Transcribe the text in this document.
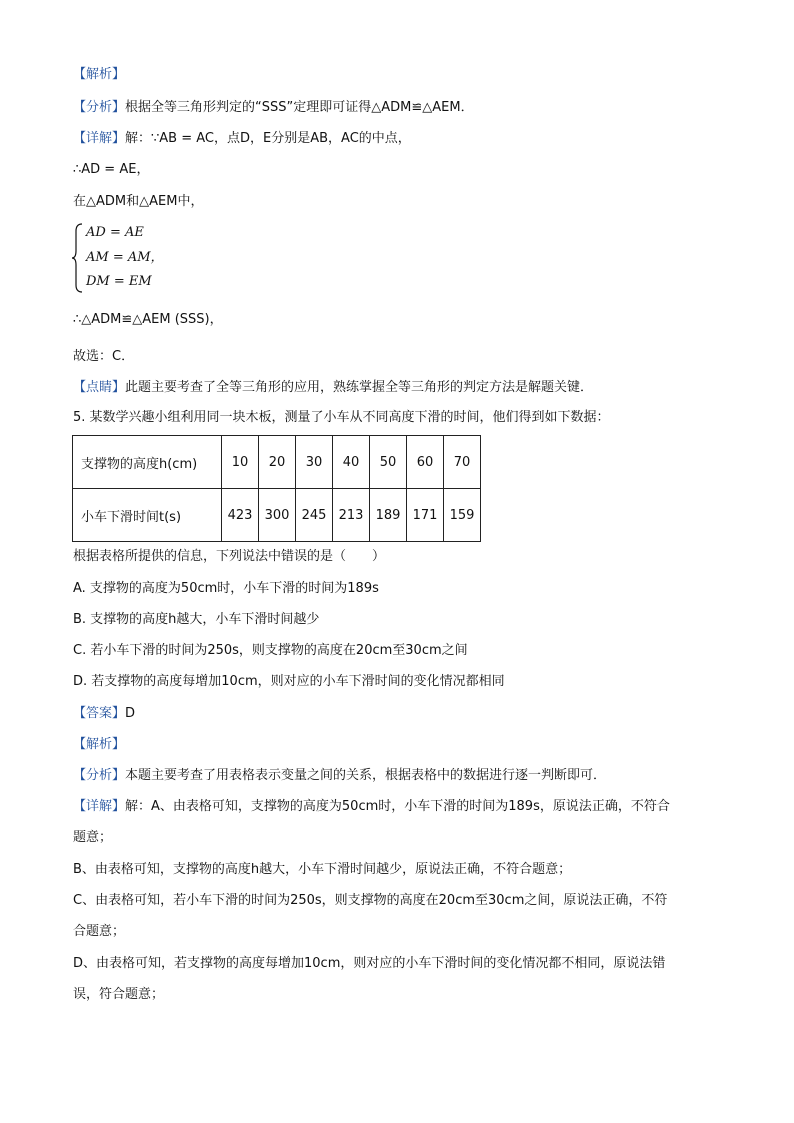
【解析】
【分析】根据全等三角形判定的“SSS”定理即可证得△ADM≌△AEM．
【详解】解：∵AB = AC，点D，E分别是AB，AC的中点，
∴AD = AE，
在△ADM和△AEM中，
AD = AE
AM = AM，
DM = EM
∴△ADM≌△AEM (SSS)，
故选：C．
【点睛】此题主要考查了全等三角形的应用，熟练掌握全等三角形的判定方法是解题关键．
5. 某数学兴趣小组利用同一块木板，测量了小车从不同高度下滑的时间，他们得到如下数据：
支撑物的高度h(cm)	10	20	30	40	50	60	70
小车下滑时间t(s)	423	300	245	213	189	171	159
根据表格所提供的信息，下列说法中错误的是（　　）
A. 支撑物的高度为50cm时，小车下滑的时间为189s
B. 支撑物的高度h越大，小车下滑时间越少
C. 若小车下滑的时间为250s，则支撑物的高度在20cm至30cm之间
D. 若支撑物的高度每增加10cm，则对应的小车下滑时间的变化情况都相同
【答案】D
【解析】
【分析】本题主要考查了用表格表示变量之间的关系，根据表格中的数据进行逐一判断即可．
【详解】解：A、由表格可知，支撑物的高度为50cm时，小车下滑的时间为189s，原说法正确，不符合
题意；
B、由表格可知，支撑物的高度h越大，小车下滑时间越少，原说法正确，不符合题意；
C、由表格可知，若小车下滑的时间为250s，则支撑物的高度在20cm至30cm之间，原说法正确，不符
合题意；
D、由表格可知，若支撑物的高度每增加10cm，则对应的小车下滑时间的变化情况都不相同，原说法错
误，符合题意；
